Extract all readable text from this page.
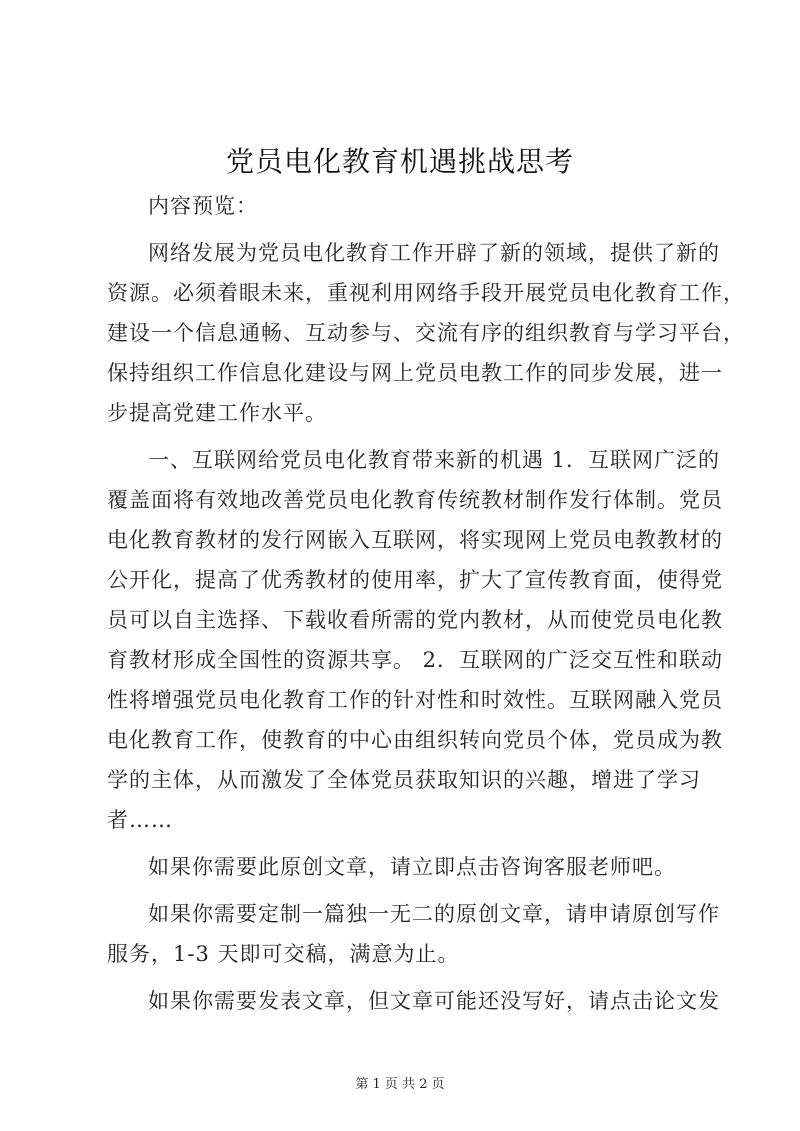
党员电化教育机遇挑战思考
内容预览：
网络发展为党员电化教育工作开辟了新的领域，提供了新的
资源。必须着眼未来，重视利用网络手段开展党员电化教育工作，
建设一个信息通畅、互动参与、交流有序的组织教育与学习平台，
保持组织工作信息化建设与网上党员电教工作的同步发展，进一
步提高党建工作水平。
一、互联网给党员电化教育带来新的机遇 1．互联网广泛的
覆盖面将有效地改善党员电化教育传统教材制作发行体制。党员
电化教育教材的发行网嵌入互联网，将实现网上党员电教教材的
公开化，提高了优秀教材的使用率，扩大了宣传教育面，使得党
员可以自主选择、下载收看所需的党内教材，从而使党员电化教
育教材形成全国性的资源共享。 2．互联网的广泛交互性和联动
性将增强党员电化教育工作的针对性和时效性。互联网融入党员
电化教育工作，使教育的中心由组织转向党员个体，党员成为教
学的主体，从而激发了全体党员获取知识的兴趣，增进了学习
者……
如果你需要此原创文章，请立即点击咨询客服老师吧。
如果你需要定制一篇独一无二的原创文章，请申请原创写作
服务，1-3 天即可交稿，满意为止。
如果你需要发表文章，但文章可能还没写好，请点击论文发
第 1 页 共 2 页
